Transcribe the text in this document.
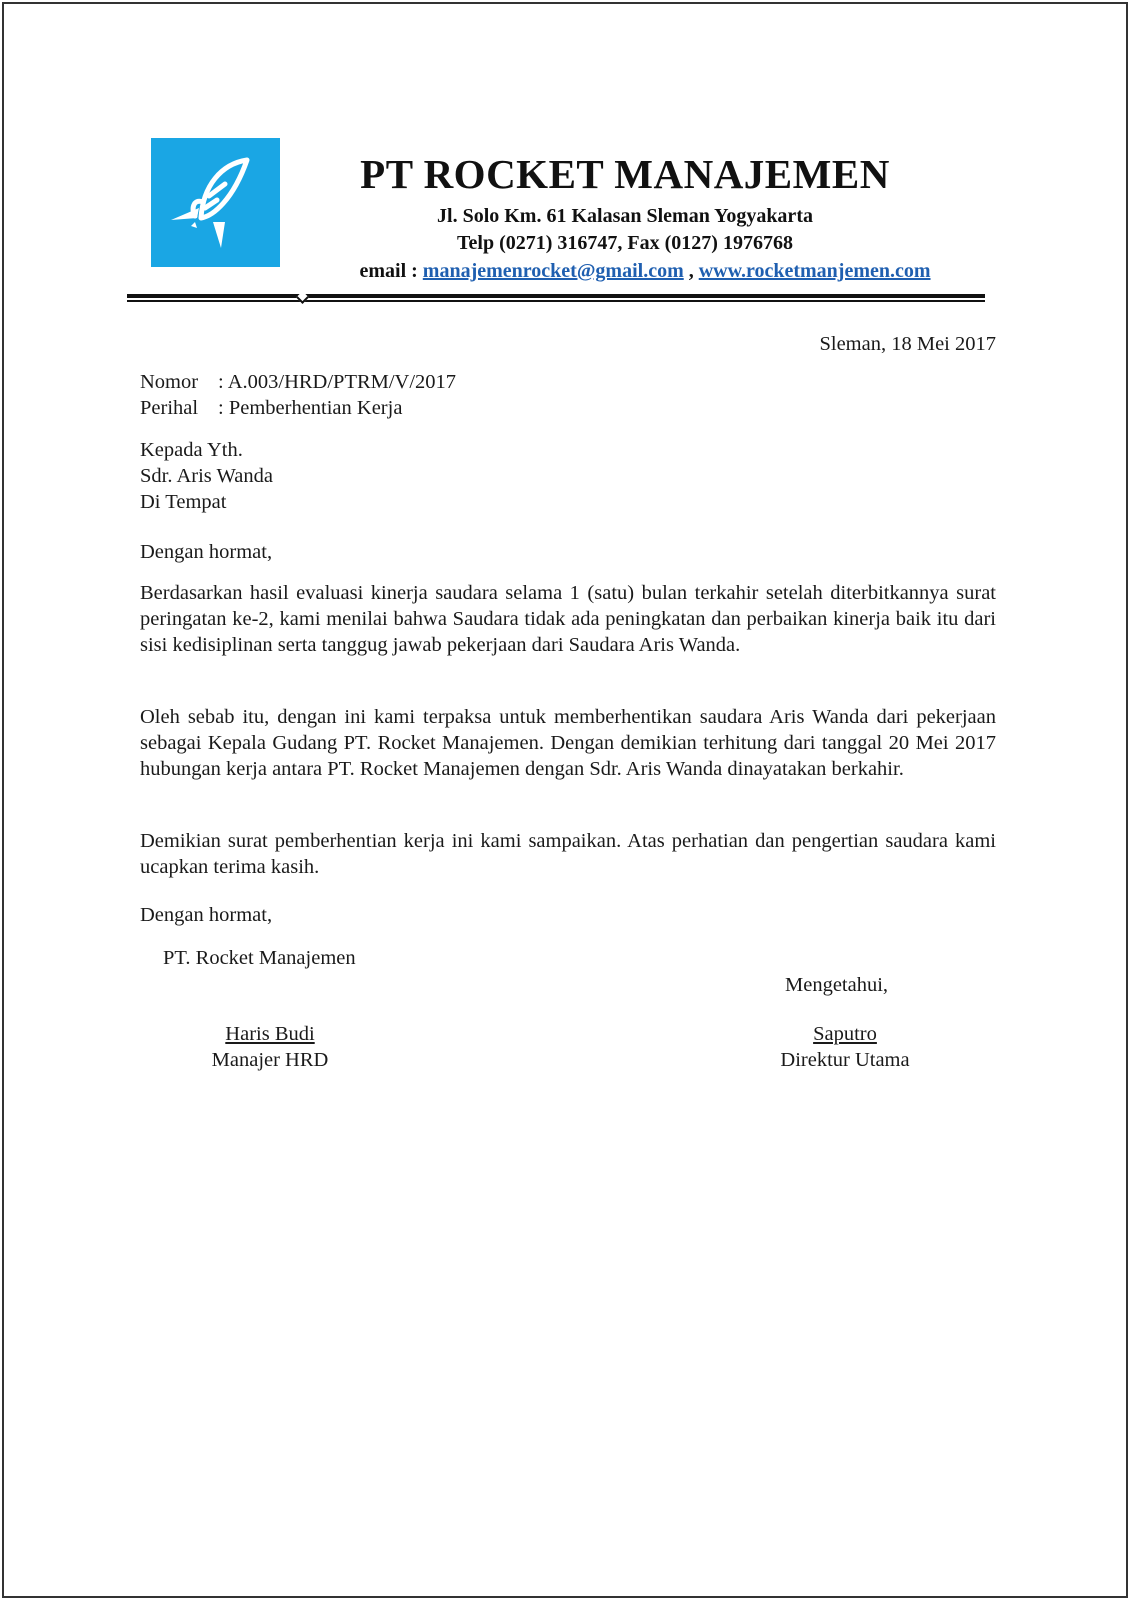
PT ROCKET MANAJEMEN
Jl. Solo Km. 61 Kalasan Sleman Yogyakarta
Telp (0271) 316747, Fax (0127) 1976768
email : manajemenrocket@gmail.com , www.rocketmanjemen.com
Sleman, 18 Mei 2017
Nomor : A.003/HRD/PTRM/V/2017
Perihal : Pemberhentian Kerja
Kepada Yth.
Sdr. Aris Wanda
Di Tempat
Dengan hormat,
Berdasarkan hasil evaluasi kinerja saudara selama 1 (satu) bulan terkahir setelah diterbitkannya surat peringatan ke-2, kami menilai bahwa Saudara tidak ada peningkatan dan perbaikan kinerja baik itu dari sisi kedisiplinan serta tanggug jawab pekerjaan dari Saudara Aris Wanda.
Oleh sebab itu, dengan ini kami terpaksa untuk memberhentikan saudara Aris Wanda dari pekerjaan sebagai Kepala Gudang PT. Rocket Manajemen. Dengan demikian terhitung dari tanggal 20 Mei 2017 hubungan kerja antara PT. Rocket Manajemen dengan Sdr. Aris Wanda dinayatakan berkahir.
Demikian surat pemberhentian kerja ini kami sampaikan. Atas perhatian dan pengertian saudara kami ucapkan terima kasih.
Dengan hormat,
PT. Rocket Manajemen
Mengetahui,
Haris Budi
Manajer HRD
Saputro
Direktur Utama
